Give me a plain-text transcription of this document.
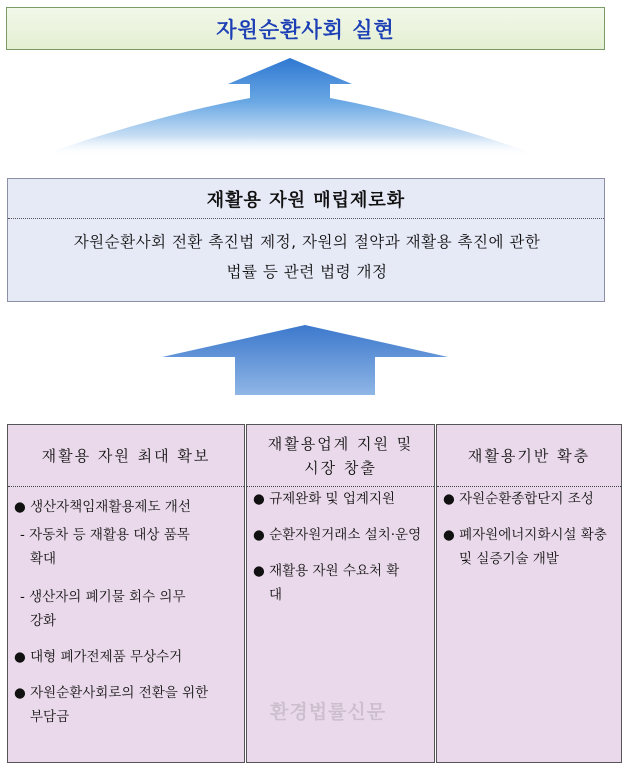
자원순환사회 실현
재활용 자원 매립제로화
자원순환사회 전환 촉진법 제정, 자원의 절약과 재활용 촉진에 관한
법률 등 관련 법령 개정
재활용 자원 최대 확보
● 생산자책임재활용제도 개선
- 자동차 등 재활용 대상 품목
확대
- 생산자의 폐기물 회수 의무
강화
● 대형 폐가전제품 무상수거
● 자원순환사회로의 전환을 위한
부담금
재활용업계 지원 및
시장 창출
● 규제완화 및 업계지원
● 순환자원거래소 설치·운영
● 재활용 자원 수요처 확
대
재활용기반 확충
● 자원순환종합단지 조성
● 폐자원에너지화시설 확충
및 실증기술 개발
환경법률신문
